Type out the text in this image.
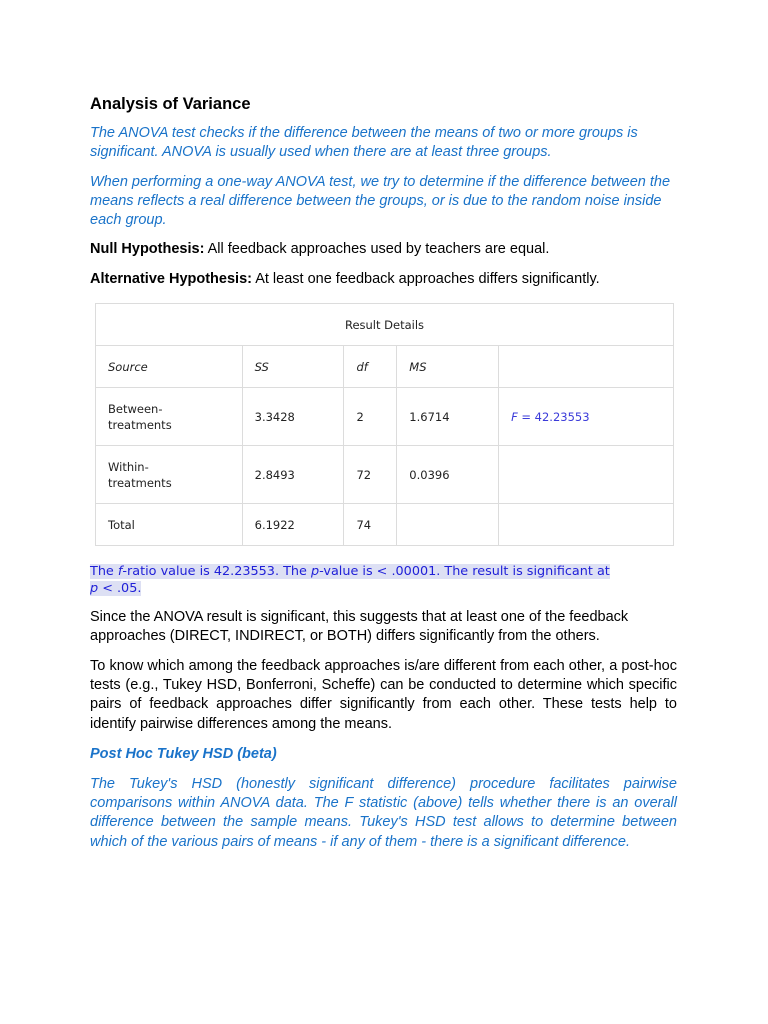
Analysis of Variance

The ANOVA test checks if the difference between the means of two or more groups is significant. ANOVA is usually used when there are at least three groups.

When performing a one-way ANOVA test, we try to determine if the difference between the means reflects a real difference between the groups, or is due to the random noise inside each group.

Null Hypothesis: All feedback approaches used by teachers are equal.

Alternative Hypothesis: At least one feedback approaches differs significantly.

Result Details				
Source	SS	df	MS	
Between-
treatments	3.3428	2	1.6714	F = 42.23553
Within-
treatments	2.8493	72	0.0396	
Total	6.1922	74		
The f-ratio value is 42.23553. The p-value is < .00001. The result is significant at p < .05.

Since the ANOVA result is significant, this suggests that at least one of the feedback approaches (DIRECT, INDIRECT, or BOTH) differs significantly from the others.

To know which among the feedback approaches is/are different from each other, a post-hoc tests (e.g., Tukey HSD, Bonferroni, Scheffe) can be conducted to determine which specific pairs of feedback approaches differ significantly from each other. These tests help to identify pairwise differences among the means.

Post Hoc Tukey HSD (beta)

The Tukey's HSD (honestly significant difference) procedure facilitates pairwise comparisons within ANOVA data. The F statistic (above) tells whether there is an overall difference between the sample means. Tukey's HSD test allows to determine between which of the various pairs of means - if any of them - there is a significant difference.
